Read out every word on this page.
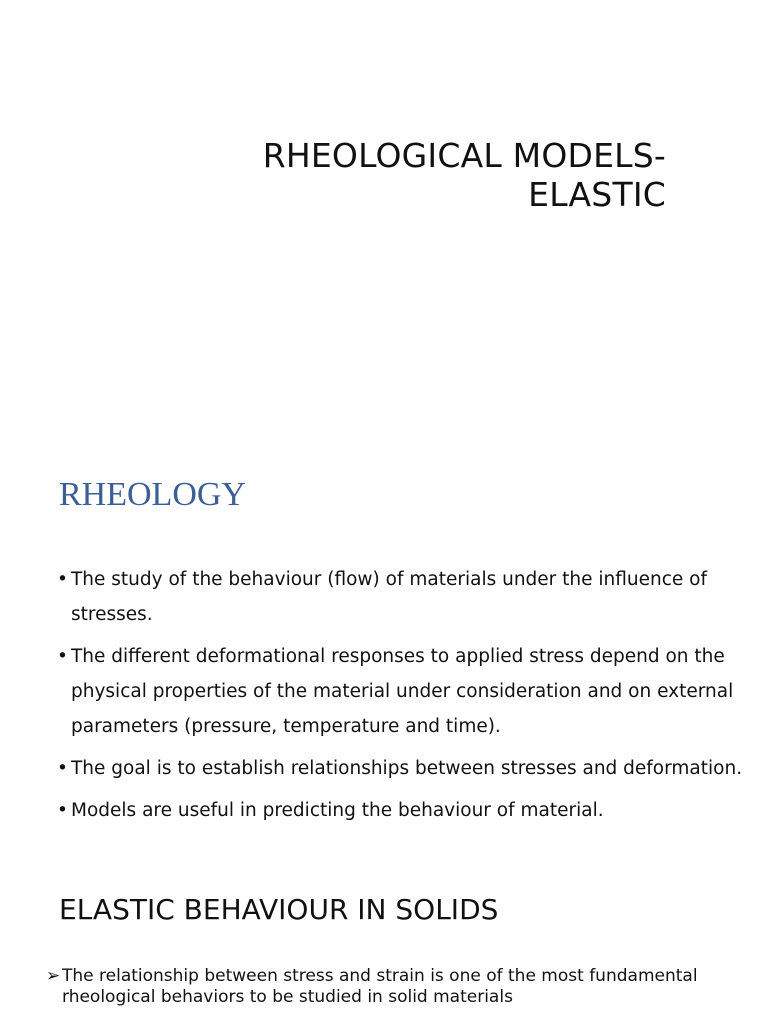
RHEOLOGICAL MODELS-
ELASTIC
RHEOLOGY
• The study of the behaviour (flow) of materials under the influence of
stresses.
• The different deformational responses to applied stress depend on the
physical properties of the material under consideration and on external
parameters (pressure, temperature and time).
• The goal is to establish relationships between stresses and deformation.
• Models are useful in predicting the behaviour of material.
ELASTIC BEHAVIOUR IN SOLIDS
➢ The relationship between stress and strain is one of the most fundamental
rheological behaviors to be studied in solid materials
